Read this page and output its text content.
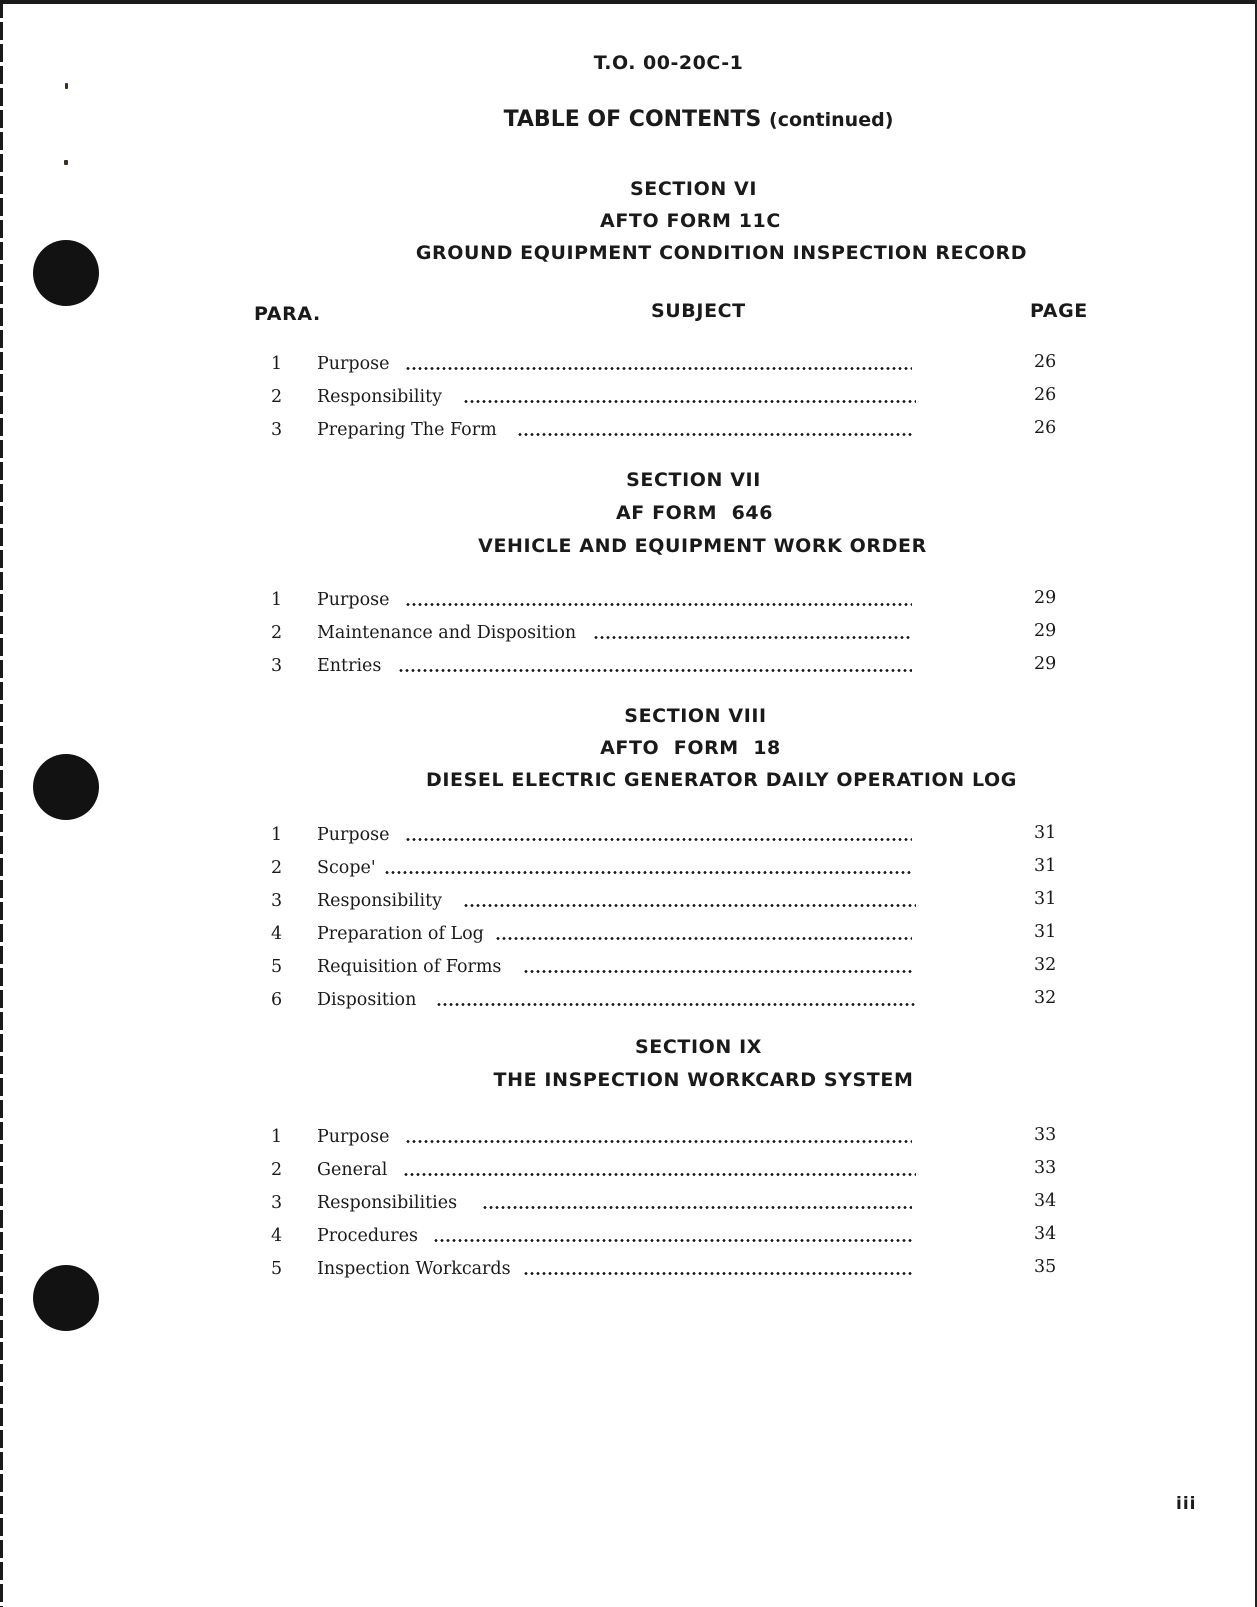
T.O. 00-20C-1
TABLE OF CONTENTS (continued)
SECTION VI
AFTO FORM 11C
GROUND EQUIPMENT CONDITION INSPECTION RECORD
PARA.	SUBJECT	PAGE
1 Purpose	26
2 Responsibility	26
3 Preparing The Form	26
SECTION VII
AF FORM  646
VEHICLE AND EQUIPMENT WORK ORDER
1 Purpose	29
2 Maintenance and Disposition	29
3 Entries	29
SECTION VIII
AFTO  FORM  18
DIESEL ELECTRIC GENERATOR DAILY OPERATION LOG
1 Purpose	31
2 Scope'	31
3 Responsibility	31
4 Preparation of Log	31
5 Requisition of Forms	32
6 Disposition	32
SECTION IX
THE INSPECTION WORKCARD SYSTEM
1 Purpose	33
2 General	33
3 Responsibilities	34
4 Procedures	34
5 Inspection Workcards	35
iii
